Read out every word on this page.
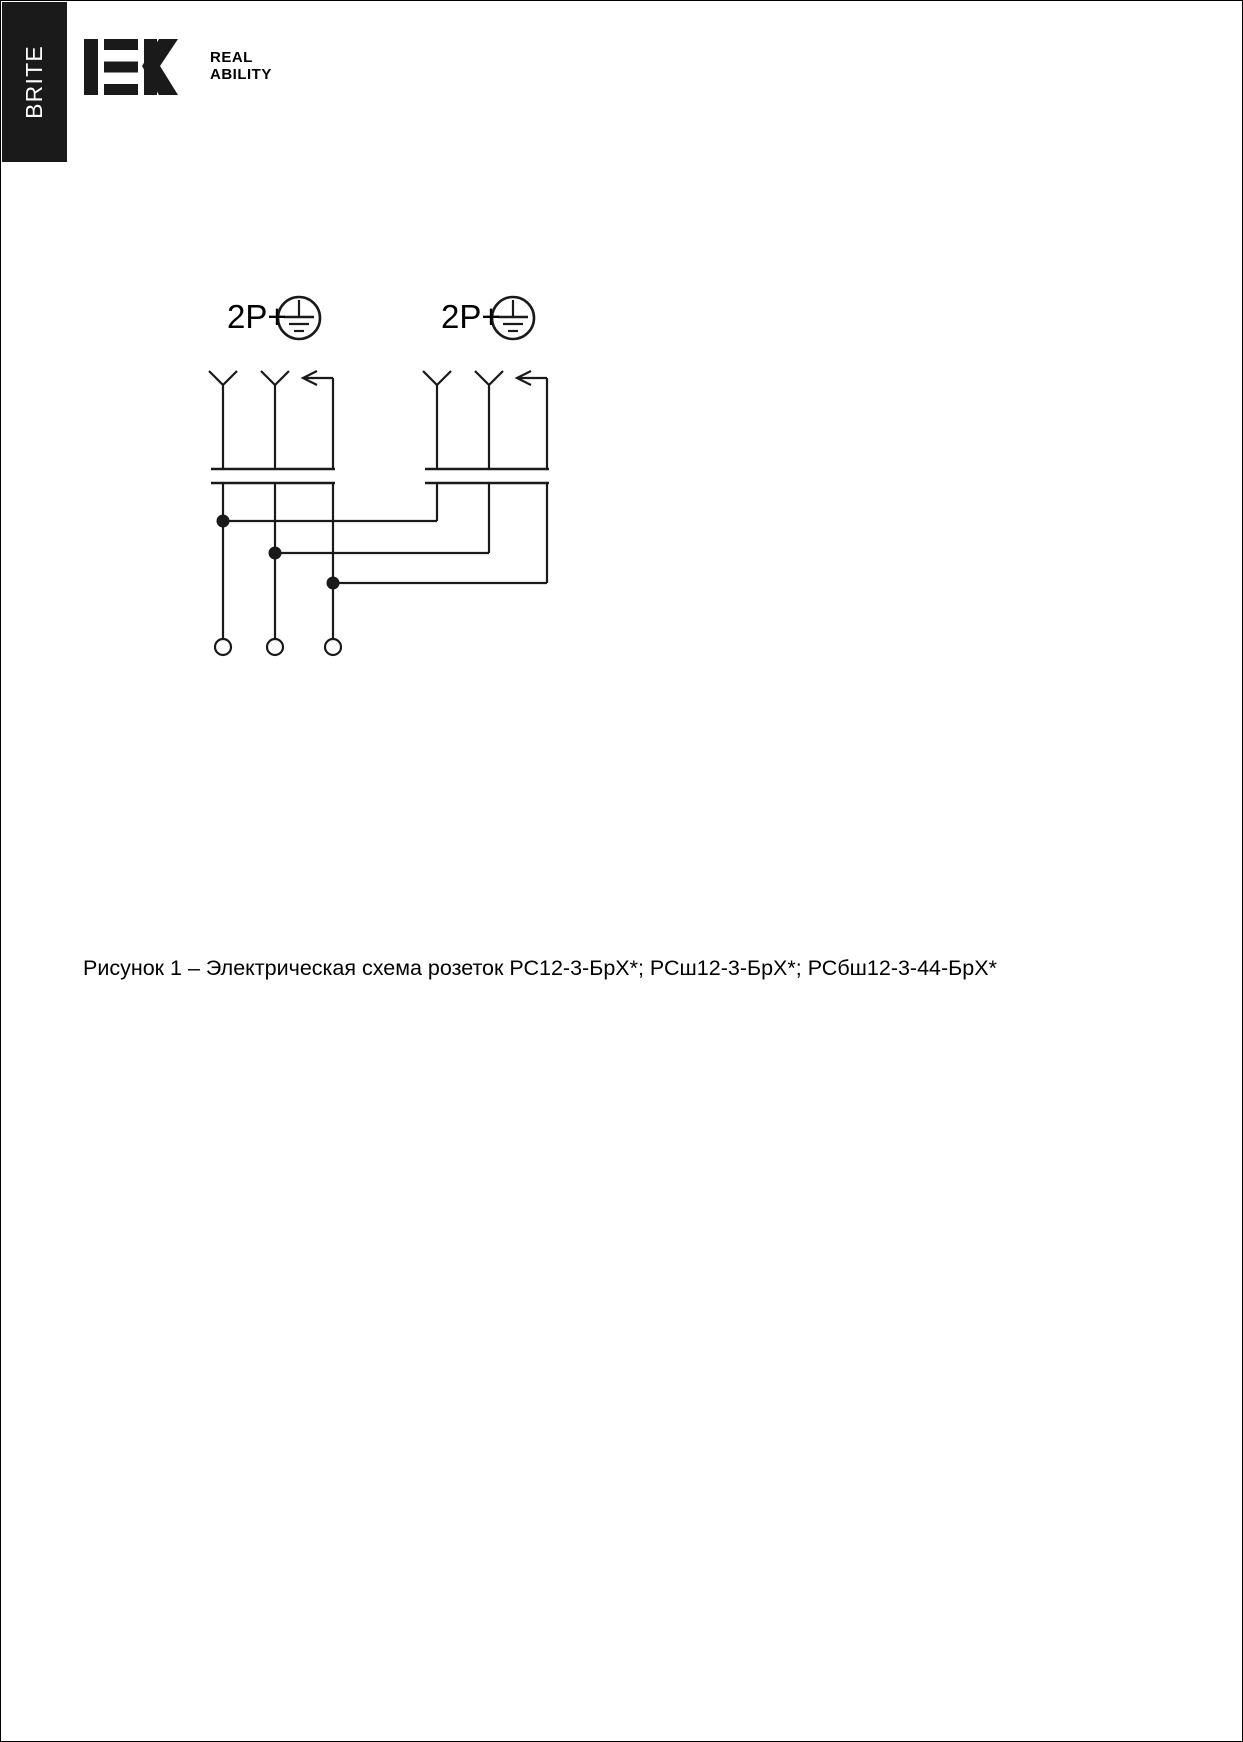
BRITE	REAL
ABILITY
2P+	2P+
Рисунок 1 – Электрическая схема розеток РС12-3-БрХ*; РСш12-3-БрХ*; РСбш12-3-44-БрХ*
